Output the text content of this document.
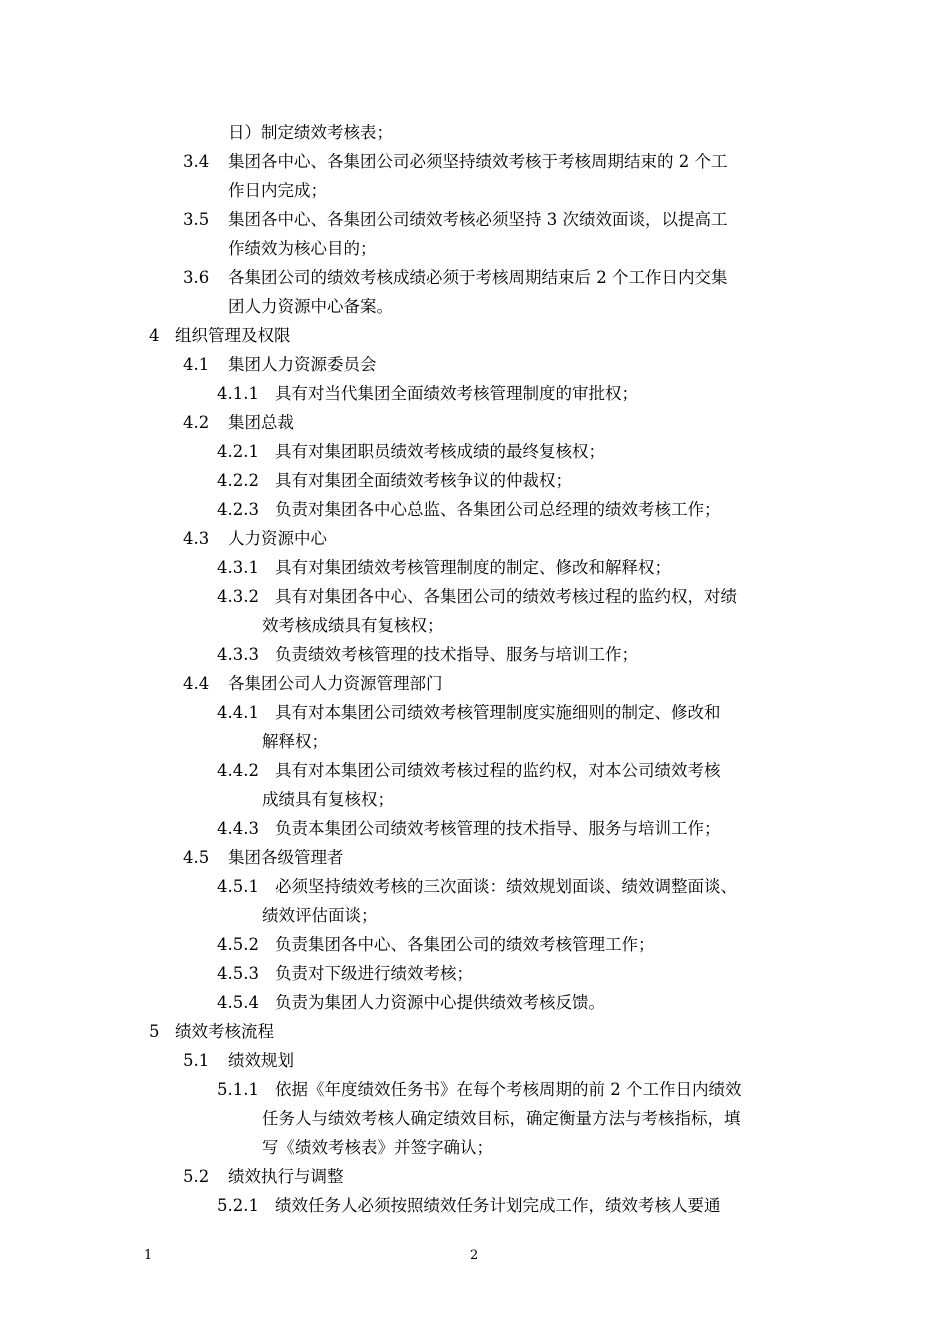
日）制定绩效考核表；
3.4 集团各中心、各集团公司必须坚持绩效考核于考核周期结束的 2 个工
作日内完成；
3.5 集团各中心、各集团公司绩效考核必须坚持 3 次绩效面谈，以提高工
作绩效为核心目的；
3.6 各集团公司的绩效考核成绩必须于考核周期结束后 2 个工作日内交集
团人力资源中心备案。
4 组织管理及权限
4.1 集团人力资源委员会
4.1.1 具有对当代集团全面绩效考核管理制度的审批权；
4.2 集团总裁
4.2.1 具有对集团职员绩效考核成绩的最终复核权；
4.2.2 具有对集团全面绩效考核争议的仲裁权；
4.2.3 负责对集团各中心总监、各集团公司总经理的绩效考核工作；
4.3 人力资源中心
4.3.1 具有对集团绩效考核管理制度的制定、修改和解释权；
4.3.2 具有对集团各中心、各集团公司的绩效考核过程的监约权，对绩
效考核成绩具有复核权；
4.3.3 负责绩效考核管理的技术指导、服务与培训工作；
4.4 各集团公司人力资源管理部门
4.4.1 具有对本集团公司绩效考核管理制度实施细则的制定、修改和
解释权；
4.4.2 具有对本集团公司绩效考核过程的监约权，对本公司绩效考核
成绩具有复核权；
4.4.3 负责本集团公司绩效考核管理的技术指导、服务与培训工作；
4.5 集团各级管理者
4.5.1 必须坚持绩效考核的三次面谈：绩效规划面谈、绩效调整面谈、
绩效评估面谈；
4.5.2 负责集团各中心、各集团公司的绩效考核管理工作；
4.5.3 负责对下级进行绩效考核；
4.5.4 负责为集团人力资源中心提供绩效考核反馈。
5 绩效考核流程
5.1 绩效规划
5.1.1 依据《年度绩效任务书》在每个考核周期的前 2 个工作日内绩效
任务人与绩效考核人确定绩效目标，确定衡量方法与考核指标，填
写《绩效考核表》并签字确认；
5.2 绩效执行与调整
5.2.1 绩效任务人必须按照绩效任务计划完成工作，绩效考核人要通
1	2
